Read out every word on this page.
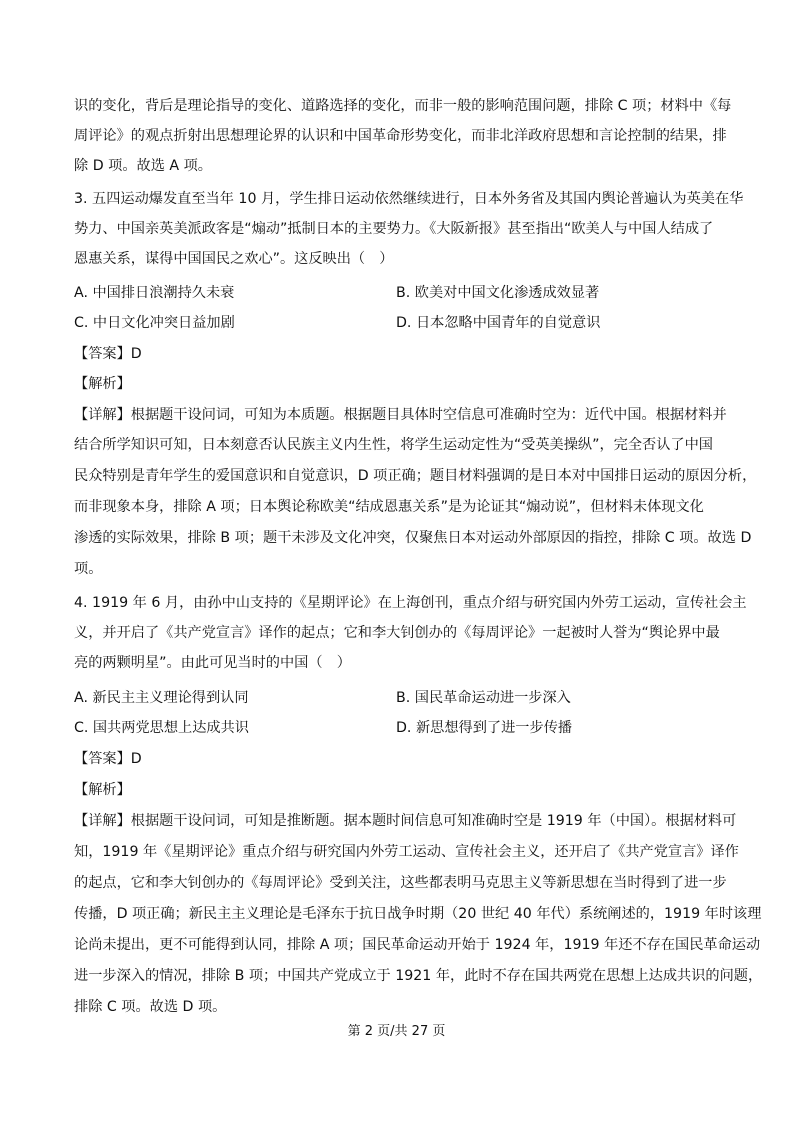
识的变化，背后是理论指导的变化、道路选择的变化，而非一般的影响范围问题，排除 C 项；材料中《每
周评论》的观点折射出思想理论界的认识和中国革命形势变化，而非北洋政府思想和言论控制的结果，排
除 D 项。故选 A 项。
3. 五四运动爆发直至当年 10 月，学生排日运动依然继续进行，日本外务省及其国内舆论普遍认为英美在华
势力、中国亲英美派政客是“煽动”抵制日本的主要势力。《大阪新报》甚至指出“欧美人与中国人结成了
恩惠关系，谋得中国国民之欢心”。这反映出（　）
A. 中国排日浪潮持久未衰	B. 欧美对中国文化渗透成效显著
C. 中日文化冲突日益加剧	D. 日本忽略中国青年的自觉意识
【答案】D
【解析】
【详解】根据题干设问词，可知为本质题。根据题目具体时空信息可准确时空为：近代中国。根据材料并
结合所学知识可知，日本刻意否认民族主义内生性，将学生运动定性为“受英美操纵”，完全否认了中国
民众特别是青年学生的爱国意识和自觉意识，D 项正确；题目材料强调的是日本对中国排日运动的原因分析，
而非现象本身，排除 A 项；日本舆论称欧美“结成恩惠关系”是为论证其“煽动说”，但材料未体现文化
渗透的实际效果，排除 B 项；题干未涉及文化冲突，仅聚焦日本对运动外部原因的指控，排除 C 项。故选 D
项。
4. 1919 年 6 月，由孙中山支持的《星期评论》在上海创刊，重点介绍与研究国内外劳工运动，宣传社会主
义，并开启了《共产党宣言》译作的起点；它和李大钊创办的《每周评论》一起被时人誉为“舆论界中最
亮的两颗明星”。由此可见当时的中国（　）
A. 新民主主义理论得到认同	B. 国民革命运动进一步深入
C. 国共两党思想上达成共识	D. 新思想得到了进一步传播
【答案】D
【解析】
【详解】根据题干设问词，可知是推断题。据本题时间信息可知准确时空是 1919 年（中国）。根据材料可
知，1919 年《星期评论》重点介绍与研究国内外劳工运动、宣传社会主义，还开启了《共产党宣言》译作
的起点，它和李大钊创办的《每周评论》受到关注，这些都表明马克思主义等新思想在当时得到了进一步
传播，D 项正确；新民主主义理论是毛泽东于抗日战争时期（20 世纪 40 年代）系统阐述的，1919 年时该理
论尚未提出，更不可能得到认同，排除 A 项；国民革命运动开始于 1924 年，1919 年还不存在国民革命运动
进一步深入的情况，排除 B 项；中国共产党成立于 1921 年，此时不存在国共两党在思想上达成共识的问题，
排除 C 项。故选 D 项。
第 2 页/共 27 页
